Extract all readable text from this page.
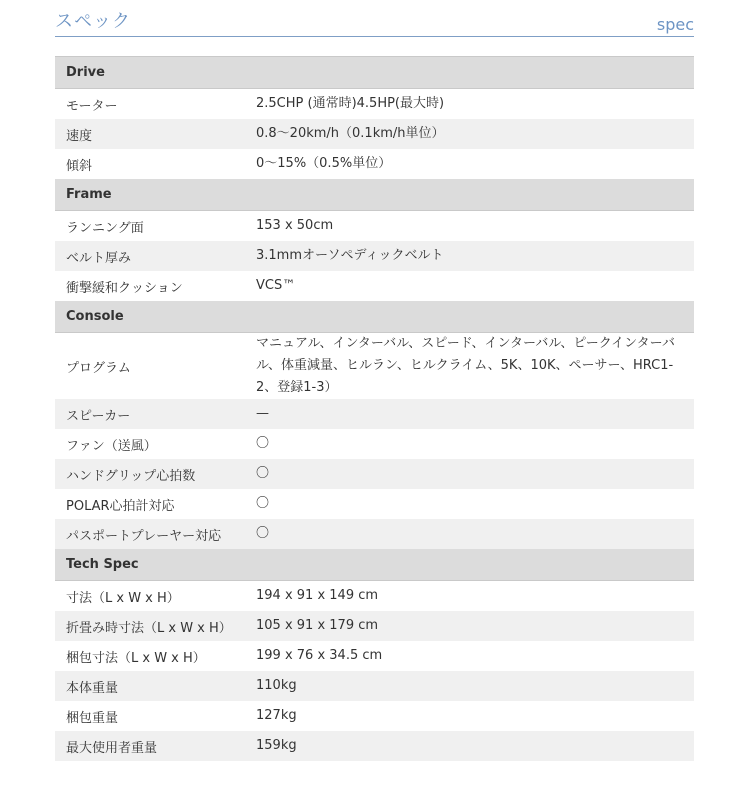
スペック	spec
Drive	
モーター	2.5CHP (通常時)4.5HP(最大時)
速度	0.8〜20km/h（0.1km/h単位）
傾斜	0〜15%（0.5%単位）
Frame	
ランニング面	153 x 50cm
ベルト厚み	3.1mmオーソペディックベルト
衝撃緩和クッション	VCS™
Console	
プログラム	マニュアル、インターバル、スピード、インターバル、ピークインターバル、体重減量、ヒルラン、ヒルクライム、5K、10K、ペーサー、HRC1-2、登録1-3）
スピーカー	—
ファン（送風）	〇
ハンドグリップ心拍数	〇
POLAR心拍計対応	〇
パスポートプレーヤー対応	〇
Tech Spec	
寸法（L x W x H）	194 x 91 x 149 cm
折畳み時寸法（L x W x H）	105 x 91 x 179 cm
梱包寸法（L x W x H）	199 x 76 x 34.5 cm
本体重量	110kg
梱包重量	127kg
最大使用者重量	159kg
